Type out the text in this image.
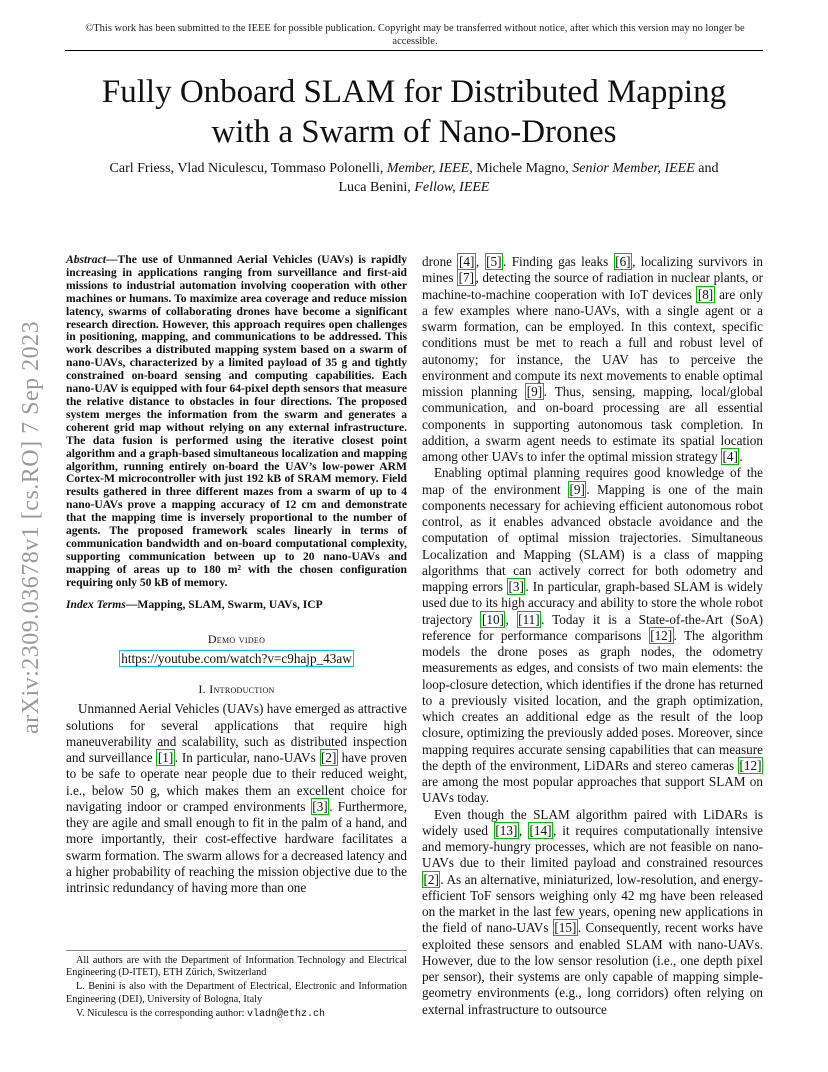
©This work has been submitted to the IEEE for possible publication. Copyright may be transferred without notice, after which this version may no longer be accessible.
Fully Onboard SLAM for Distributed Mapping
with a Swarm of Nano-Drones
Carl Friess, Vlad Niculescu, Tommaso Polonelli, Member, IEEE, Michele Magno, Senior Member, IEEE and
Luca Benini, Fellow, IEEE
arXiv:2309.03678v1 [cs.RO] 7 Sep 2023
Abstract—The use of Unmanned Aerial Vehicles (UAVs) is rapidly increasing in applications ranging from surveillance and first-aid missions to industrial automation involving cooperation with other machines or humans. To maximize area coverage and reduce mission latency, swarms of collaborating drones have become a significant research direction. However, this approach requires open challenges in positioning, mapping, and communications to be addressed. This work describes a distributed mapping system based on a swarm of nano-UAVs, characterized by a limited payload of 35 g and tightly constrained on-board sensing and computing capabilities. Each nano-UAV is equipped with four 64-pixel depth sensors that measure the relative distance to obstacles in four directions. The proposed system merges the information from the swarm and generates a coherent grid map without relying on any external infrastructure. The data fusion is performed using the iterative closest point algorithm and a graph-based simultaneous localization and mapping algorithm, running entirely on-board the UAV’s low-power ARM Cortex-M microcontroller with just 192 kB of SRAM memory. Field results gathered in three different mazes from a swarm of up to 4 nano-UAVs prove a mapping accuracy of 12 cm and demonstrate that the mapping time is inversely proportional to the number of agents. The proposed framework scales linearly in terms of communication bandwidth and on-board computational complexity, supporting communication between up to 20 nano-UAVs and mapping of areas up to 180 m² with the chosen configuration requiring only 50 kB of memory.
Index Terms—Mapping, SLAM, Swarm, UAVs, ICP
Demo video
https://youtube.com/watch?v=c9hajp_43aw
I. Introduction

Unmanned Aerial Vehicles (UAVs) have emerged as attractive solutions for several applications that require high maneuverability and scalability, such as distributed inspection and surveillance [1] . In particular, nano-UAVs [2] have proven to be safe to operate near people due to their reduced weight, i.e., below 50 g, which makes them an excellent choice for navigating indoor or cramped environments [3] . Furthermore, they are agile and small enough to fit in the palm of a hand, and more importantly, their cost-effective hardware facilitates a swarm formation. The swarm allows for a decreased latency and a higher probability of reaching the mission objective due to the intrinsic redundancy of having more than one

All authors are with the Department of Information Technology and Electrical Engineering (D-ITET), ETH Zürich, Switzerland
L. Benini is also with the Department of Electrical, Electronic and Information Engineering (DEI), University of Bologna, Italy
V. Niculescu is the corresponding author: vladn@ethz.ch

drone [4] , [5] . Finding gas leaks [6] , localizing survivors in mines [7] , detecting the source of radiation in nuclear plants, or machine-to-machine cooperation with IoT devices [8] are only a few examples where nano-UAVs, with a single agent or a swarm formation, can be employed. In this context, specific conditions must be met to reach a full and robust level of autonomy; for instance, the UAV has to perceive the environment and compute its next movements to enable optimal mission planning [9] . Thus, sensing, mapping, local/global communication, and on-board processing are all essential components in supporting autonomous task completion. In addition, a swarm agent needs to estimate its spatial location among other UAVs to infer the optimal mission strategy [4] .

Enabling optimal planning requires good knowledge of the map of the environment [9] . Mapping is one of the main components necessary for achieving efficient autonomous robot control, as it enables advanced obstacle avoidance and the computation of optimal mission trajectories. Simultaneous Localization and Mapping (SLAM) is a class of mapping algorithms that can actively correct for both odometry and mapping errors [3] . In particular, graph-based SLAM is widely used due to its high accuracy and ability to store the whole robot trajectory [10] , [11] . Today it is a State-of-the-Art (SoA) reference for performance comparisons [12] . The algorithm models the drone poses as graph nodes, the odometry measurements as edges, and consists of two main elements: the loop-closure detection, which identifies if the drone has returned to a previously visited location, and the graph optimization, which creates an additional edge as the result of the loop closure, optimizing the previously added poses. Moreover, since mapping requires accurate sensing capabilities that can measure the depth of the environment, LiDARs and stereo cameras [12] are among the most popular approaches that support SLAM on UAVs today.

Even though the SLAM algorithm paired with LiDARs is widely used [13] , [14] , it requires computationally intensive and memory-hungry processes, which are not feasible on nano-UAVs due to their limited payload and constrained resources [2] . As an alternative, miniaturized, low-resolution, and energy-efficient ToF sensors weighing only 42 mg have been released on the market in the last few years, opening new applications in the field of nano-UAVs [15] . Consequently, recent works have exploited these sensors and enabled SLAM with nano-UAVs. However, due to the low sensor resolution (i.e., one depth pixel per sensor), their systems are only capable of mapping simple-geometry environments (e.g., long corridors) often relying on external infrastructure to outsource
